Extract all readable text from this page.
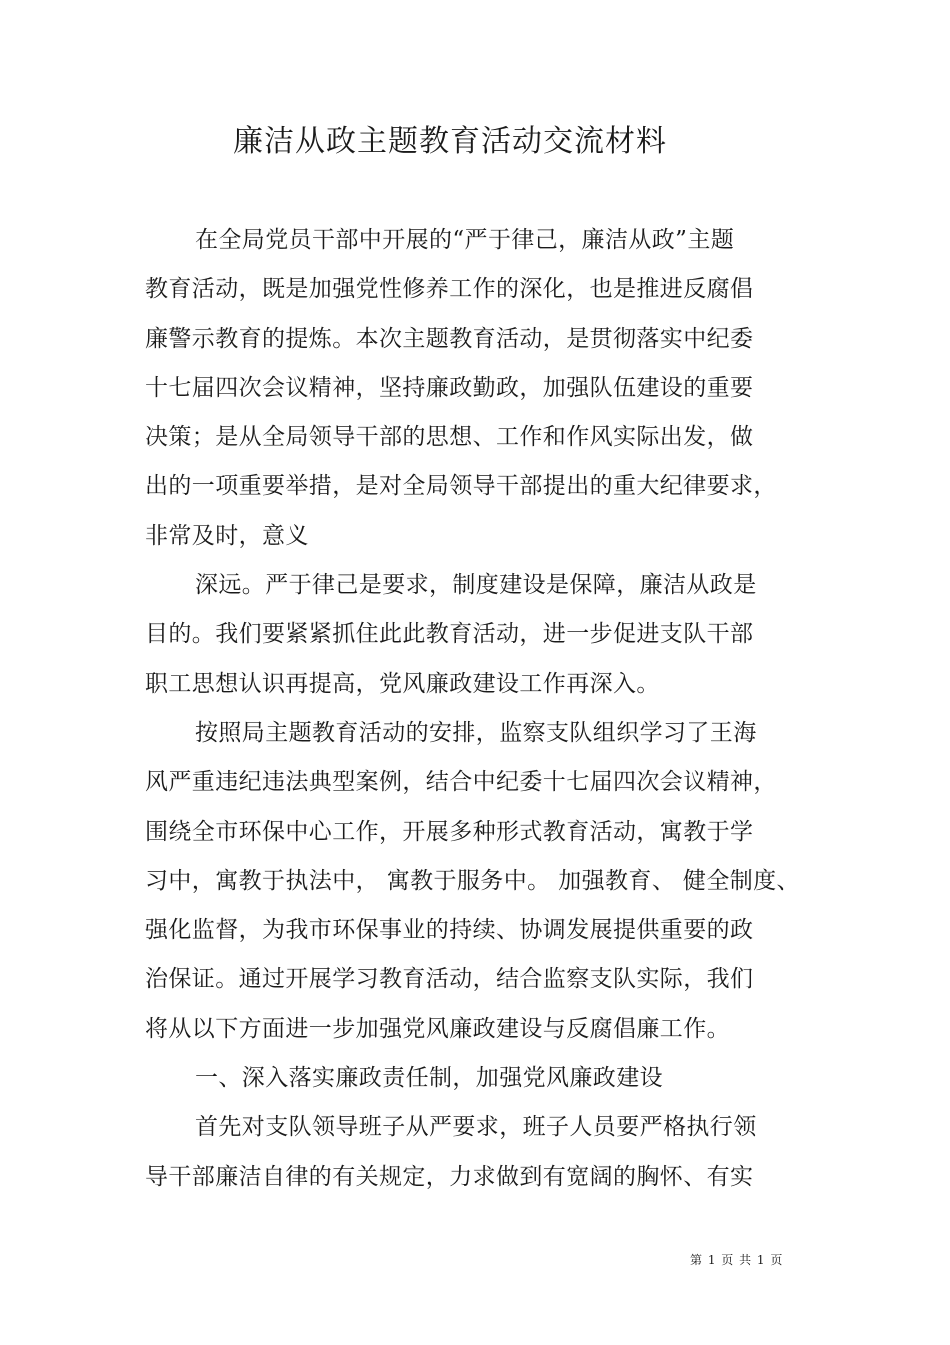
廉洁从政主题教育活动交流材料
在全局党员干部中开展的“严于律己，廉洁从政”主题
教育活动，既是加强党性修养工作的深化，也是推进反腐倡
廉警示教育的提炼。本次主题教育活动，是贯彻落实中纪委
十七届四次会议精神，坚持廉政勤政，加强队伍建设的重要
决策；是从全局领导干部的思想、工作和作风实际出发，做
出的一项重要举措，是对全局领导干部提出的重大纪律要求，
非常及时，意义
深远。严于律己是要求，制度建设是保障，廉洁从政是
目的。我们要紧紧抓住此此教育活动，进一步促进支队干部
职工思想认识再提高，党风廉政建设工作再深入。
按照局主题教育活动的安排，监察支队组织学习了王海
风严重违纪违法典型案例，结合中纪委十七届四次会议精神，
围绕全市环保中心工作，开展多种形式教育活动，寓教于学
习中，寓教于执法中， 寓教于服务中。 加强教育、 健全制度、
强化监督，为我市环保事业的持续、协调发展提供重要的政
治保证。通过开展学习教育活动，结合监察支队实际，我们
将从以下方面进一步加强党风廉政建设与反腐倡廉工作。
一、深入落实廉政责任制，加强党风廉政建设
首先对支队领导班子从严要求，班子人员要严格执行领
导干部廉洁自律的有关规定，力求做到有宽阔的胸怀、有实
第 1 页 共 1 页
